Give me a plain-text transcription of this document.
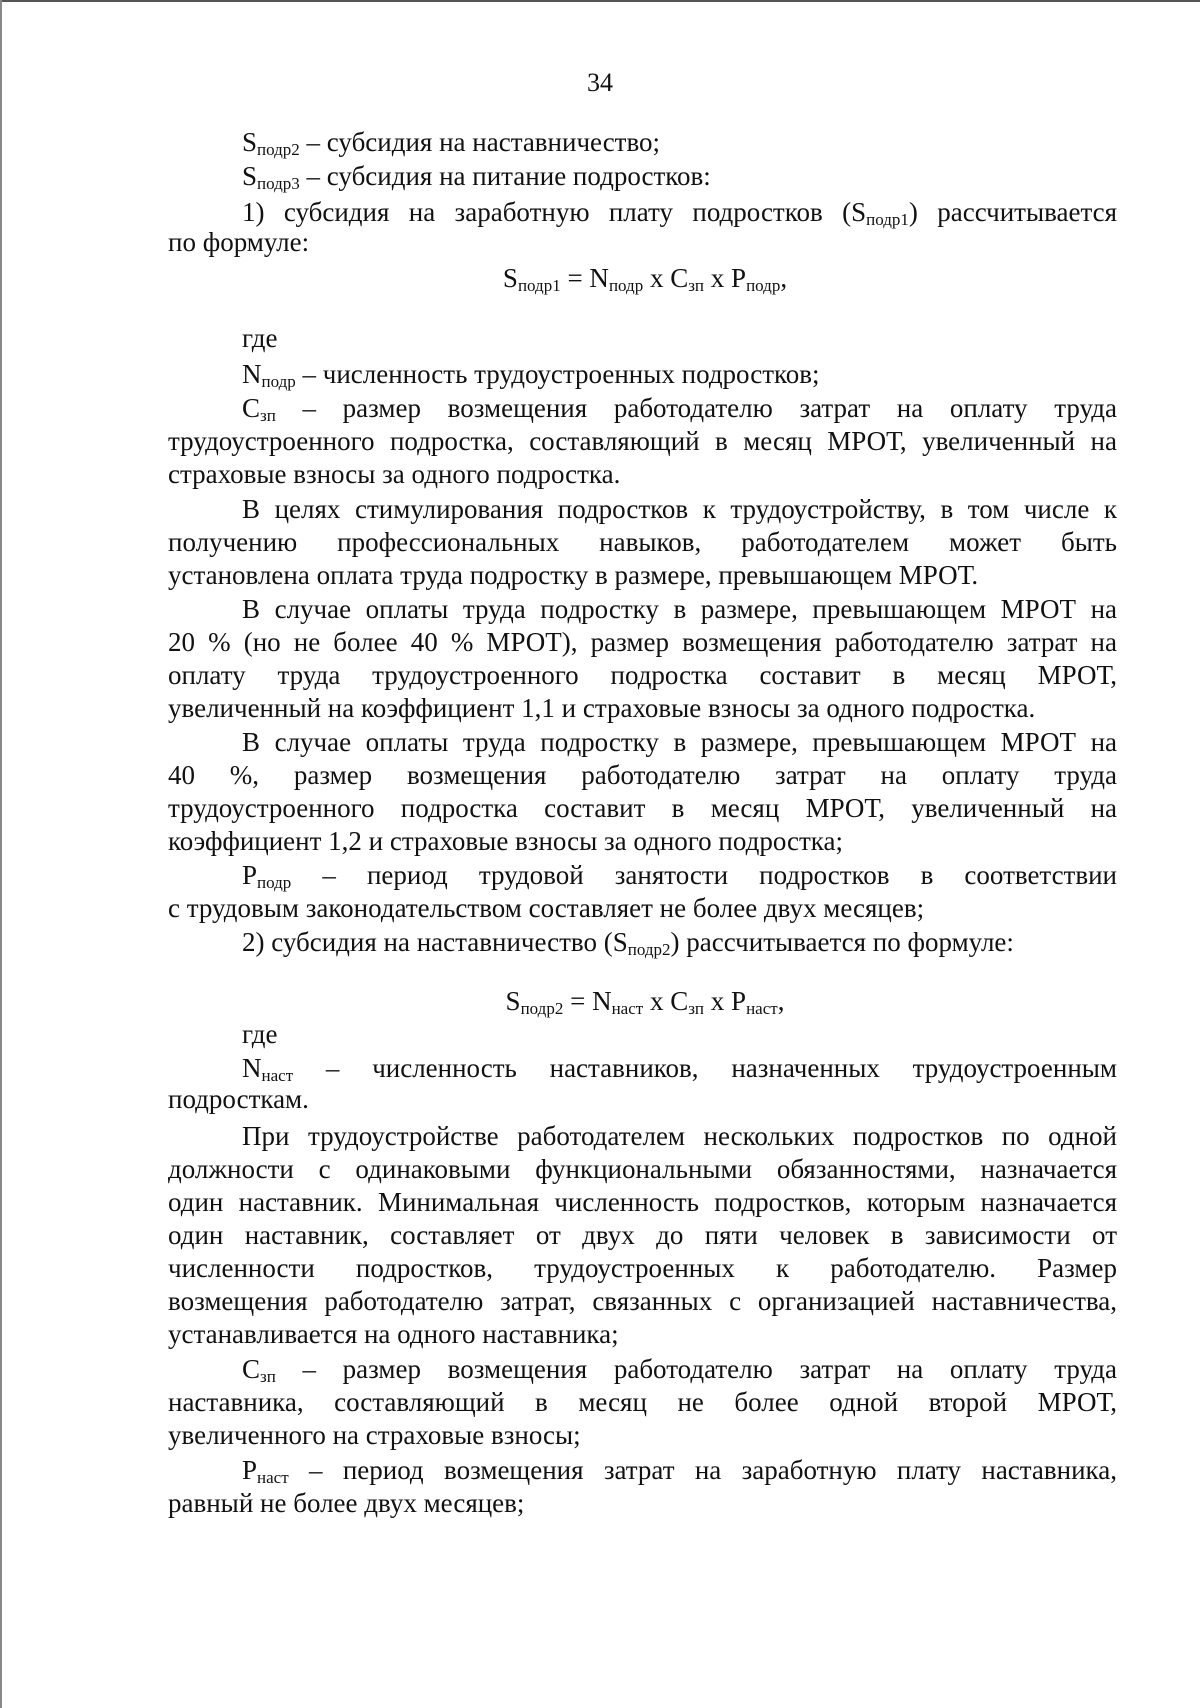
34
$S_{подр2}$ – субсидия на наставничество;
$S_{подр3}$ – субсидия на питание подростков:
1) субсидия на заработную плату подростков $(S_{подр1})$ рассчитывается
по формуле:
$S_{подр1} = N_{подр}$ x $C_{зп}$ x $P_{подр}$,
где
$N_{подр}$ – численность трудоустроенных подростков;
$C_{зп}$ – размер возмещения работодателю затрат на оплату труда
трудоустроенного подростка, составляющий в месяц МРОТ, увеличенный на
страховые взносы за одного подростка.
В целях стимулирования подростков к трудоустройству, в том числе к
получению профессиональных навыков, работодателем может быть
установлена оплата труда подростку в размере, превышающем МРОТ.
В случае оплаты труда подростку в размере, превышающем МРОТ на
20 % (но не более 40 % МРОТ), размер возмещения работодателю затрат на
оплату труда трудоустроенного подростка составит в месяц МРОТ,
увеличенный на коэффициент 1,1 и страховые взносы за одного подростка.
В случае оплаты труда подростку в размере, превышающем МРОТ на
40 %, размер возмещения работодателю затрат на оплату труда
трудоустроенного подростка составит в месяц МРОТ, увеличенный на
коэффициент 1,2 и страховые взносы за одного подростка;
$P_{подр}$ – период трудовой занятости подростков в соответствии
с трудовым законодательством составляет не более двух месяцев;
2) субсидия на наставничество $(S_{подр2})$ рассчитывается по формуле:
$S_{подр2} = N_{наст}$ x $C_{зп}$ x $P_{наст}$,
где
$N_{наст}$ – численность наставников, назначенных трудоустроенным
подросткам.
При трудоустройстве работодателем нескольких подростков по одной
должности с одинаковыми функциональными обязанностями, назначается
один наставник. Минимальная численность подростков, которым назначается
один наставник, составляет от двух до пяти человек в зависимости от
численности подростков, трудоустроенных к работодателю. Размер
возмещения работодателю затрат, связанных с организацией наставничества,
устанавливается на одного наставника;
$C_{зп}$ – размер возмещения работодателю затрат на оплату труда
наставника, составляющий в месяц не более одной второй МРОТ,
увеличенного на страховые взносы;
$P_{наст}$ – период возмещения затрат на заработную плату наставника,
равный не более двух месяцев;
